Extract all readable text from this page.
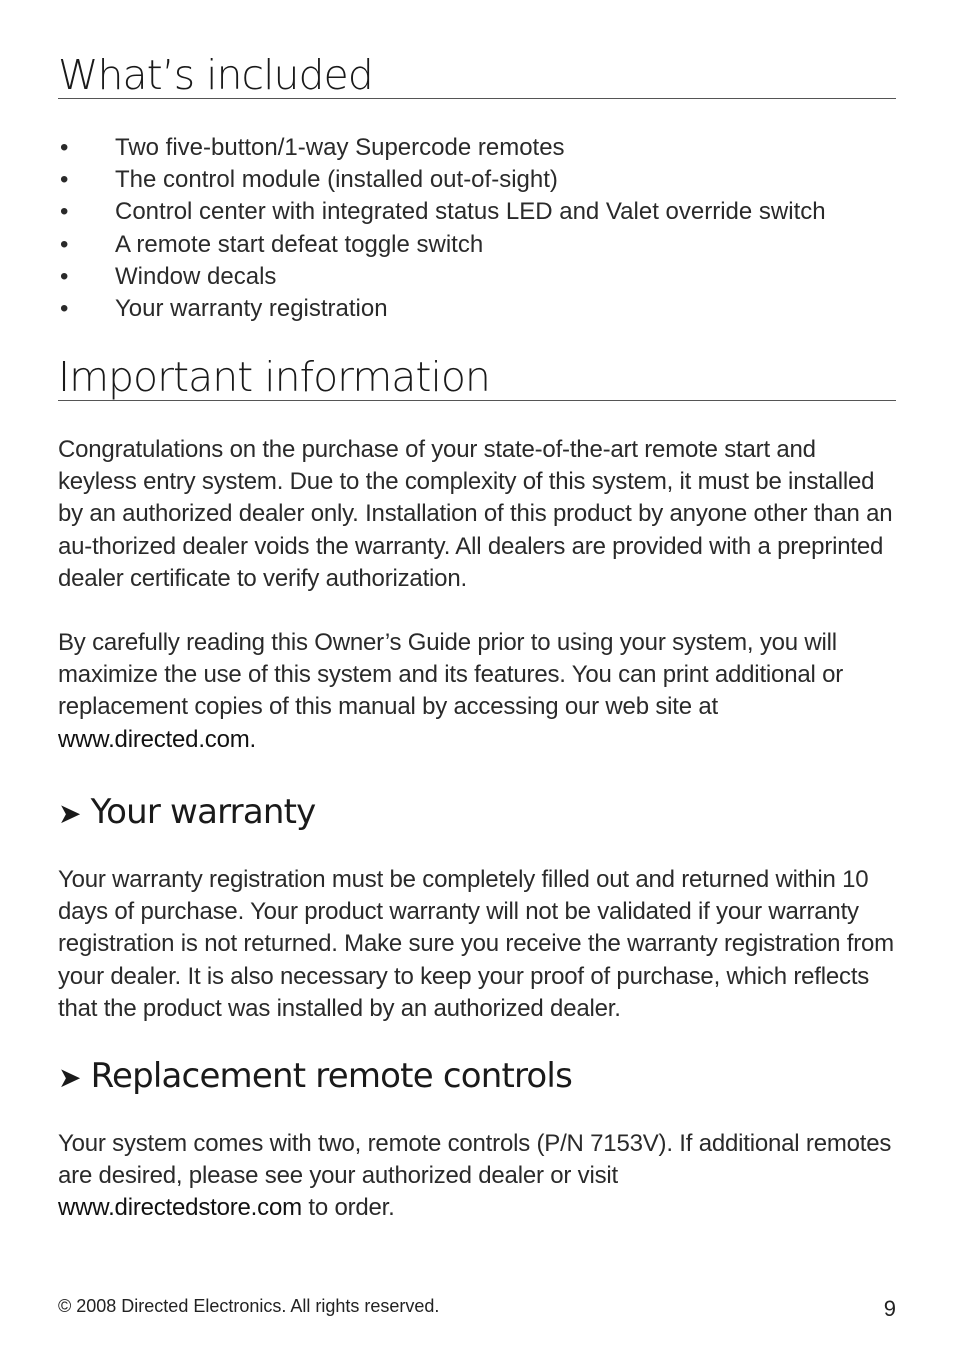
What’s included
• Two five-button/1-way Supercode remotes
• The control module (installed out-of-sight)
• Control center with integrated status LED and Valet override switch
• A remote start defeat toggle switch
• Window decals
• Your warranty registration
Important information

Congratulations on the purchase of your state-of-the-art remote start and keyless entry system. Due to the complexity of this system, it must be installed by an authorized dealer only. Installation of this product by anyone other than an au-thorized dealer voids the warranty. All dealers are provided with a preprinted dealer certificate to verify authorization.

By carefully reading this Owner’s Guide prior to using your system, you will maximize the use of this system and its features. You can print additional or replacement copies of this manual by accessing our web site at
www.directed.com.

➤ Your warranty

Your warranty registration must be completely filled out and returned within 10 days of purchase. Your product warranty will not be validated if your warranty registration is not returned. Make sure you receive the warranty registration from your dealer. It is also necessary to keep your proof of purchase, which reflects that the product was installed by an authorized dealer.

➤ Replacement remote controls

Your system comes with two, remote controls (P/N 7153V). If additional remotes are desired, please see your authorized dealer or visit
www.directedstore.com to order.

© 2008 Directed Electronics. All rights reserved.	9
